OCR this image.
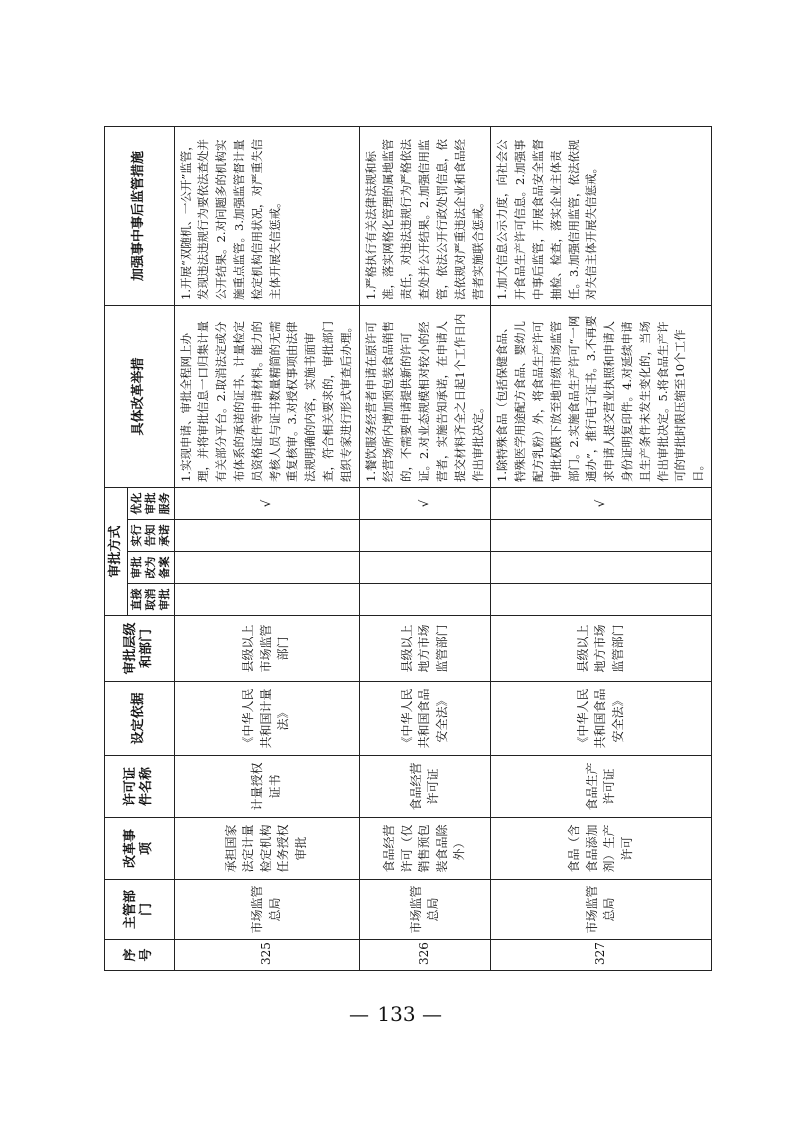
序号	主管部门	改革事项	许可证件名称	设定依据	审批层级和部门	审批方式				具体改革举措	加强事中事后监管措施
						直接取消审批	审批改为备案	实行告知承诺	优化审批服务		
325	市场监管总局	承担国家法定计量检定机构任务授权审批	计量授权证书	《中华人民共和国计量法》	县级以上市场监管部门				√	1.实现申请、审批全程网上办理，并将审批信息一口归集计量有关部分平台。2.取消法定或分布体系的承诺的证书、计量检定员资格证件等申请材料。能力的考核人员与证书数量精简的无需重复核审。3.对授权事项由法律法规明确的内容，实施书面审查，符合相关要求的，审批部门组织专家进行形式审查后办理。	1.开展“双随机、一公开”监管，发现违法违规行为要依法查处并公开结果。2.对问题多的机构实施重点监管。3.加强监管督计量检定机构信用状况，对严重失信主体开展失信惩戒。
326	市场监管总局	食品经营许可（仅销售预包装食品除外）	食品经营许可证	《中华人民共和国食品安全法》	县级以上地方市场监管部门				√	1.餐饮服务经营者申请在原许可经营场所内增加预包装食品销售的，不需要申请提供新的许可证。2.对业态规模相对较小的经营者，实施告知承诺，在申请人提交材料齐全之日起1个工作日内作出审批决定。	1.严格执行有关法律法规和标准，落实网格化管理的属地监管责任，对违法违规行为严格依法查处并公开结果。2.加强信用监管，依法公开行政处罚信息，依法依规对严重违法企业和食品经营者实施联合惩戒。
327	市场监管总局	食品（含食品添加剂）生产许可	食品生产许可证	《中华人民共和国食品安全法》	县级以上地方市场监管部门				√	1.除特殊食品（包括保健食品、特殊医学用途配方食品、婴幼儿配方乳粉）外，将食品生产许可审批权限下放至地市级市场监管部门。2.实施食品生产许可“一网通办”，推行电子证书。3.不再要求申请人提交营业执照和申请人身份证明复印件。4.对延续申请且生产条件未发生变化的，当场作出审批决定。5.将食品生产许可的审批时限压缩至10个工作日。	1.加大信息公示力度，向社会公开食品生产许可信息。2.加强事中事后监管，开展食品安全监督抽检、检查，落实企业主体责任。3.加强信用监管，依法依规对失信主体开展失信惩戒。
— 133 —
